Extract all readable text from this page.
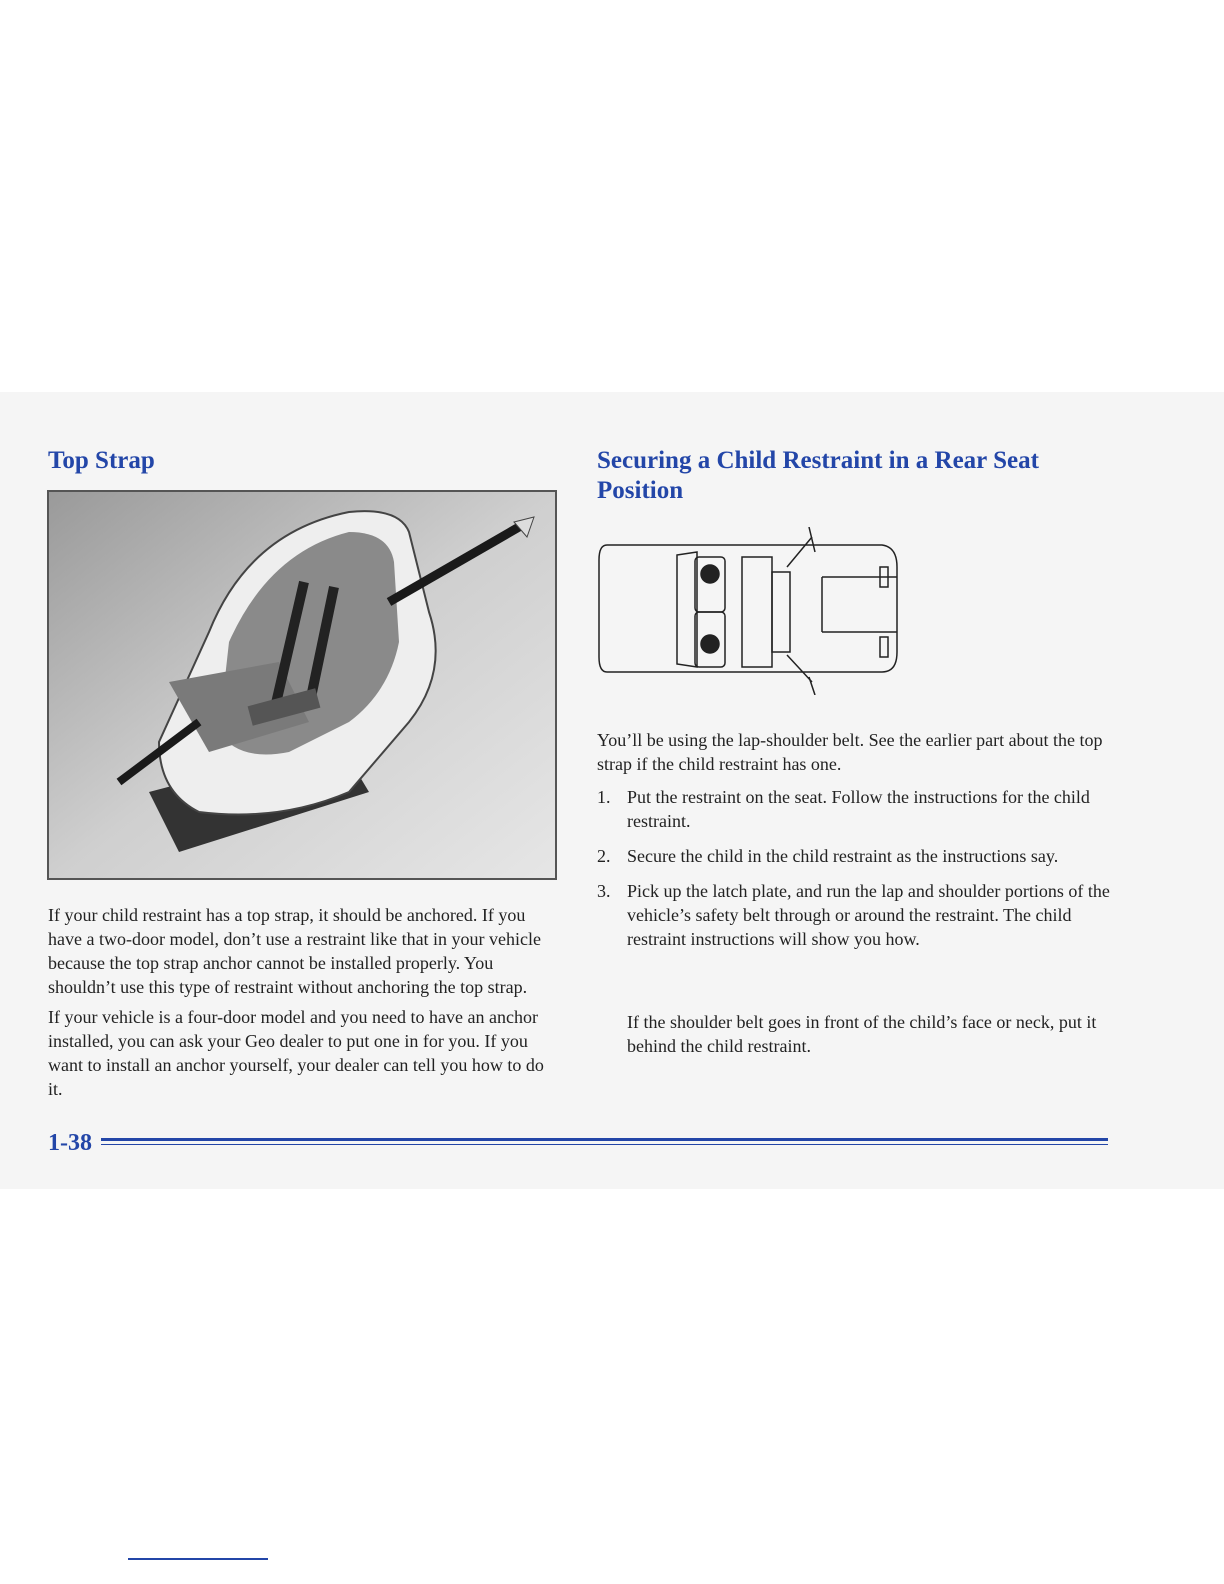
Top Strap

If your child restraint has a top strap, it should be anchored. If you have a two-door model, don’t use a restraint like that in your vehicle because the top strap anchor cannot be installed properly. You shouldn’t use this type of restraint without anchoring the top strap.

If your vehicle is a four-door model and you need to have an anchor installed, you can ask your Geo dealer to put one in for you. If you want to install an anchor yourself, your dealer can tell you how to do it.

Securing a Child Restraint in a Rear Seat Position

You’ll be using the lap-shoulder belt. See the earlier part about the top strap if the child restraint has one.

1. Put the restraint on the seat. Follow the instructions for the child restraint.
2. Secure the child in the child restraint as the instructions say.
3. Pick up the latch plate, and run the lap and shoulder portions of the vehicle’s safety belt through or around the restraint. The child restraint instructions will show you how.

If the shoulder belt goes in front of the child’s face or neck, put it behind the child restraint.

1-38
